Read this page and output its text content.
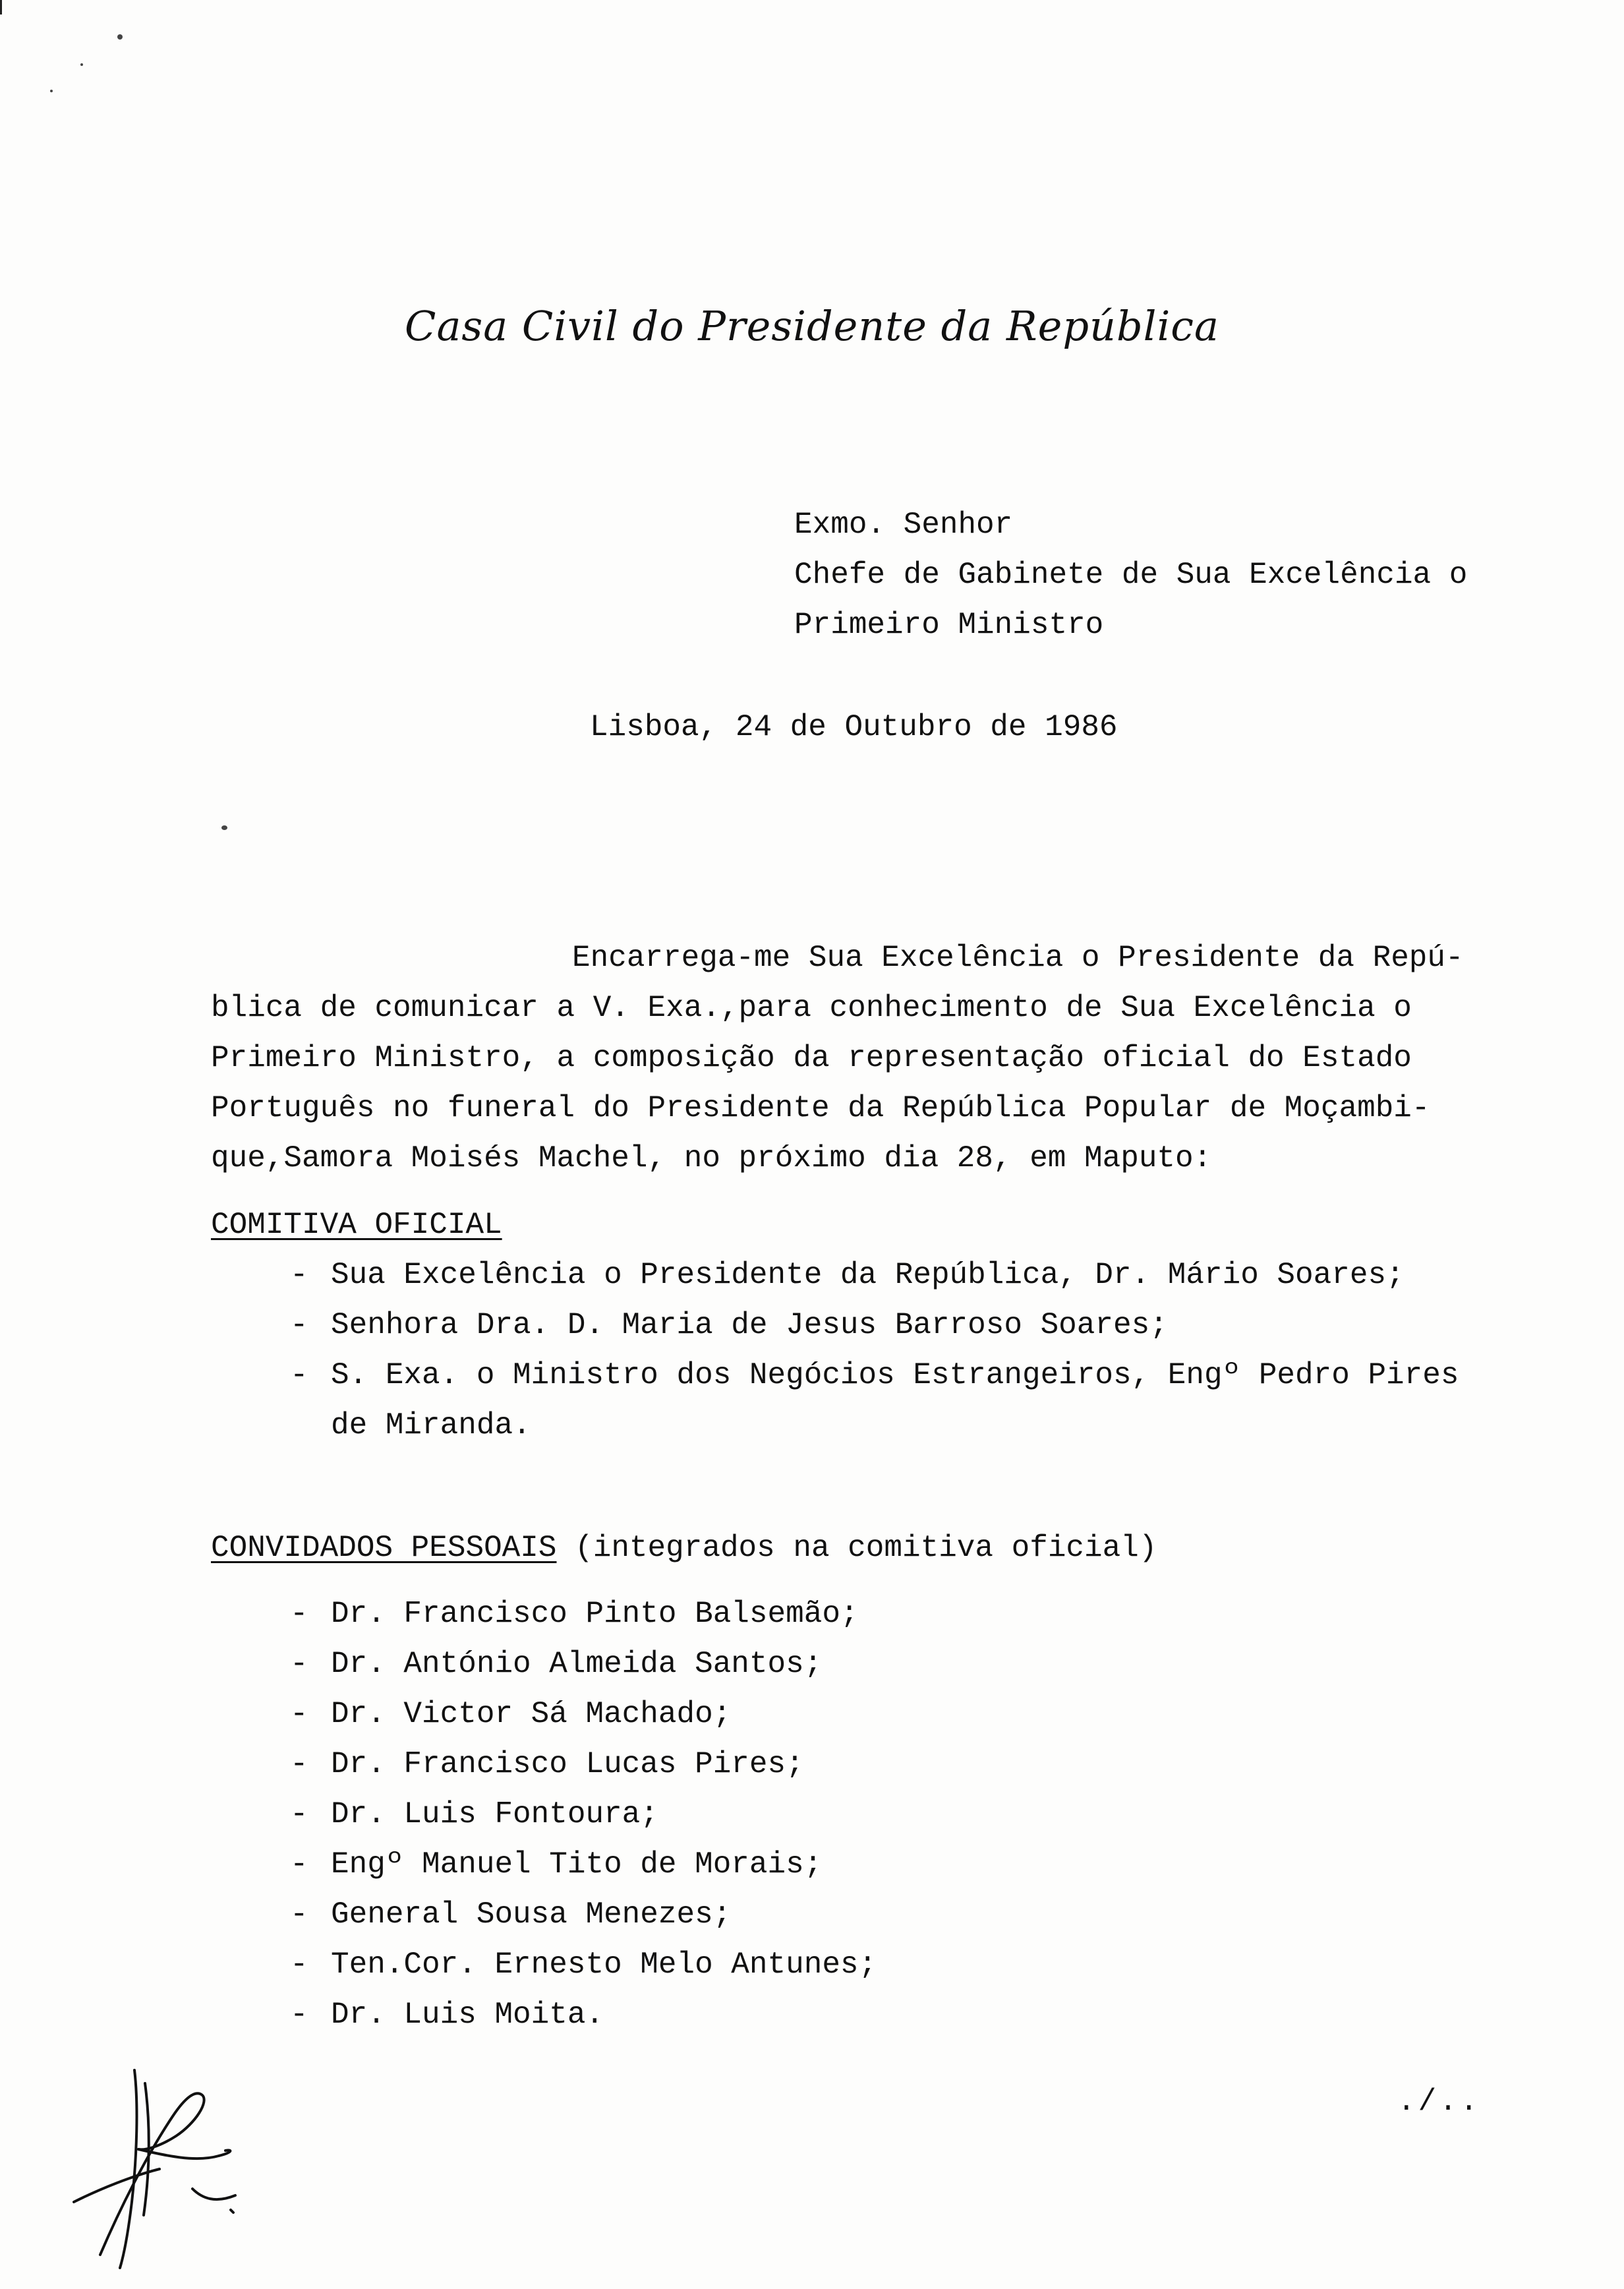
Casa Civil do Presidente da República
Exmo. Senhor
Chefe de Gabinete de Sua Excelência o
Primeiro Ministro
Lisboa, 24 de Outubro de 1986
Encarrega-me Sua Excelência o Presidente da Repú-
blica de comunicar a V. Exa.,para conhecimento de Sua Excelência o
Primeiro Ministro, a composição da representação oficial do Estado
Português no funeral do Presidente da República Popular de Moçambi-
que,Samora Moisés Machel, no próximo dia 28, em Maputo:
COMITIVA OFICIAL
- Sua Excelência o Presidente da República, Dr. Mário Soares;
- Senhora Dra. D. Maria de Jesus Barroso Soares;
- S. Exa. o Ministro dos Negócios Estrangeiros, Engº Pedro Pires
de Miranda.
CONVIDADOS PESSOAIS (integrados na comitiva oficial)
- Dr. Francisco Pinto Balsemão;
- Dr. António Almeida Santos;
- Dr. Victor Sá Machado;
- Dr. Francisco Lucas Pires;
- Dr. Luis Fontoura;
- Engº Manuel Tito de Morais;
- General Sousa Menezes;
- Ten.Cor. Ernesto Melo Antunes;
- Dr. Luis Moita.
./..
